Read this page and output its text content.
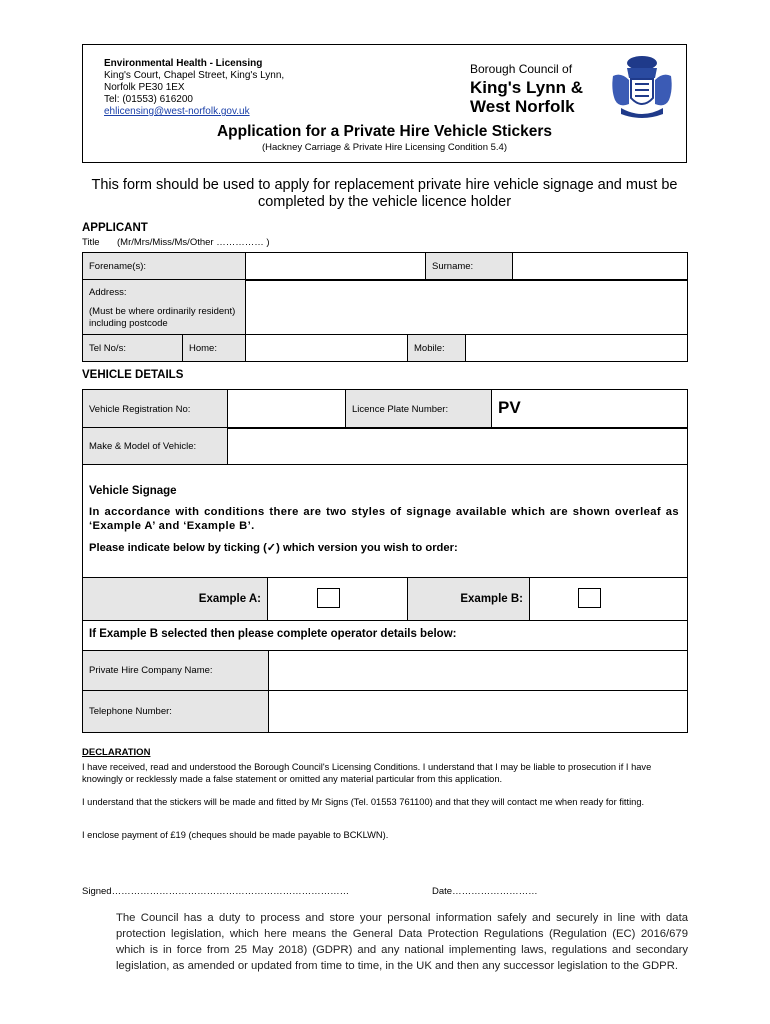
Environmental Health - Licensing
King's Court, Chapel Street, King's Lynn,
Norfolk PE30 1EX
Tel: (01553) 616200
ehlicensing@west-norfolk.gov.uk
Borough Council of
King's Lynn &
West Norfolk
Application for a Private Hire Vehicle Stickers
(Hackney Carriage & Private Hire Licensing Condition 5.4)
This form should be used to apply for replacement private hire vehicle signage and must be completed by the vehicle licence holder
APPLICANT
Title (Mr/Mrs/Miss/Ms/Other …………… )
Forename(s):		Surname:	
Address:
(Must be where ordinarily resident) including postcode

Tel No/s:	Home:		Mobile:	
VEHICLE DETAILS
Vehicle Registration No:		Licence Plate Number:	PV
Make & Model of Vehicle:	
Vehicle Signage
In accordance with conditions there are two styles of signage available which are shown overleaf as ‘Example A’ and ‘Example B’.
Please indicate below by ticking (✓) which version you wish to order:
Example A:		Example B:	
If Example B selected then please complete operator details below:
Private Hire Company Name:	
Telephone Number:	
DECLARATION
I have received, read and understood the Borough Council's Licensing Conditions. I understand that I may be liable to prosecution if I have knowingly or recklessly made a false statement or omitted any material particular from this application.
I understand that the stickers will be made and fitted by Mr Signs (Tel. 01553 761100) and that they will contact me when ready for fitting.
I enclose payment of £19 (cheques should be made payable to BCKLWN).
Signed…………………………………………………………………	Date………………………
The Council has a duty to process and store your personal information safely and securely in line with data protection legislation, which here means the General Data Protection Regulations (Regulation (EC) 2016/679 which is in force from 25 May 2018) (GDPR) and any national implementing laws, regulations and secondary legislation, as amended or updated from time to time, in the UK and then any successor legislation to the GDPR.
